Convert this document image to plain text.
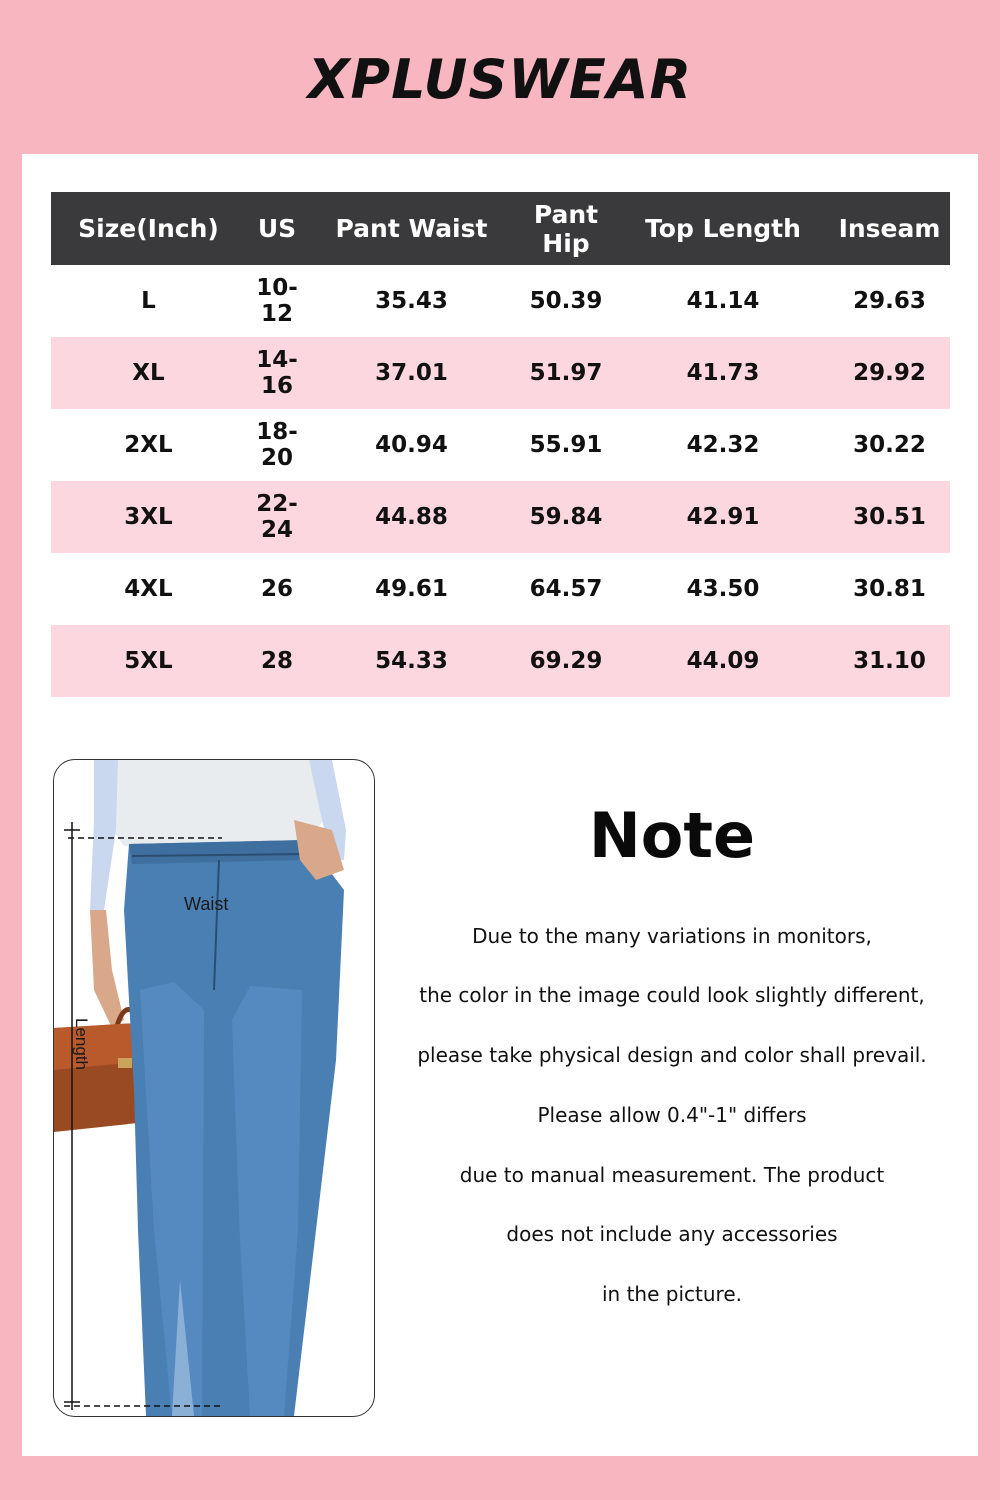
XPLUSWEAR
Size(Inch)	US	Pant Waist	Pant Hip	Top Length	Inseam
L	10-12	35.43	50.39	41.14	29.63
XL	14-16	37.01	51.97	41.73	29.92
2XL	18-20	40.94	55.91	42.32	30.22
3XL	22-24	44.88	59.84	42.91	30.51
4XL	26	49.61	64.57	43.50	30.81
5XL	28	54.33	69.29	44.09	31.10
Waist
Length
Note
Due to the many variations in monitors,
the color in the image could look slightly different,
please take physical design and color shall prevail.
Please allow 0.4"-1" differs
due to manual measurement. The product
does not include any accessories
in the picture.
